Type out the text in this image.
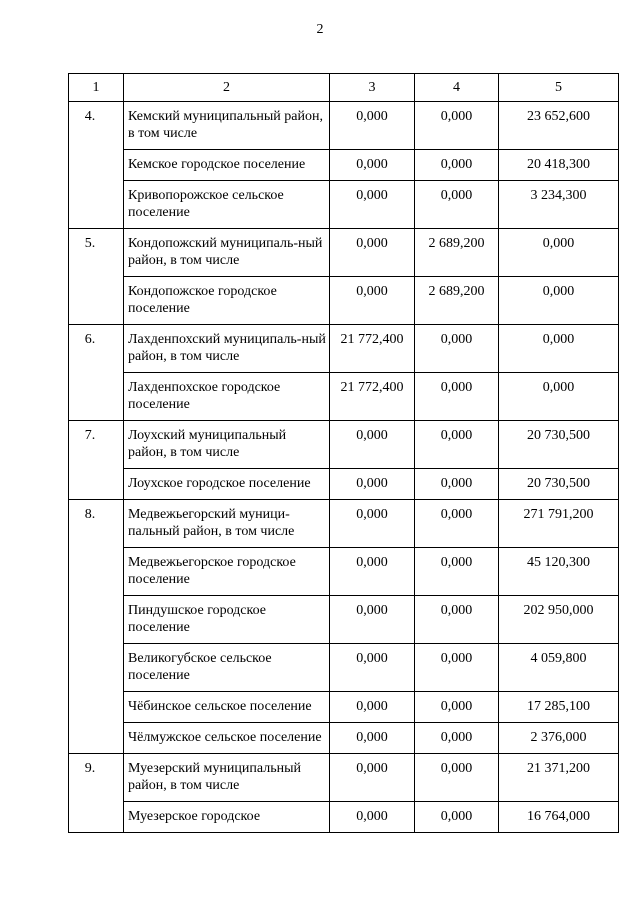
2
1	2	3	4	5
4.	Кемский муниципальный район, в том числе	0,000	0,000	23 652,600
	Кемское городское поселение	0,000	0,000	20 418,300
	Кривопорожское сельское поселение	0,000	0,000	3 234,300
5.	Кондопожский муниципаль-ный район, в том числе	0,000	2 689,200	0,000
	Кондопожское городское поселение	0,000	2 689,200	0,000
6.	Лахденпохский муниципаль-ный район, в том числе	21 772,400	0,000	0,000
	Лахденпохское городское поселение	21 772,400	0,000	0,000
7.	Лоухский муниципальный район, в том числе	0,000	0,000	20 730,500
	Лоухское городское поселение	0,000	0,000	20 730,500
8.	Медвежьегорский муници-пальный район, в том числе	0,000	0,000	271 791,200
	Медвежьегорское городское поселение	0,000	0,000	45 120,300
	Пиндушское городское поселение	0,000	0,000	202 950,000
	Великогубское сельское поселение	0,000	0,000	4 059,800
	Чёбинское сельское поселение	0,000	0,000	17 285,100
	Чёлмужское сельское поселение	0,000	0,000	2 376,000
9.	Муезерский муниципальный район, в том числе	0,000	0,000	21 371,200
	Муезерское городское	0,000	0,000	16 764,000
